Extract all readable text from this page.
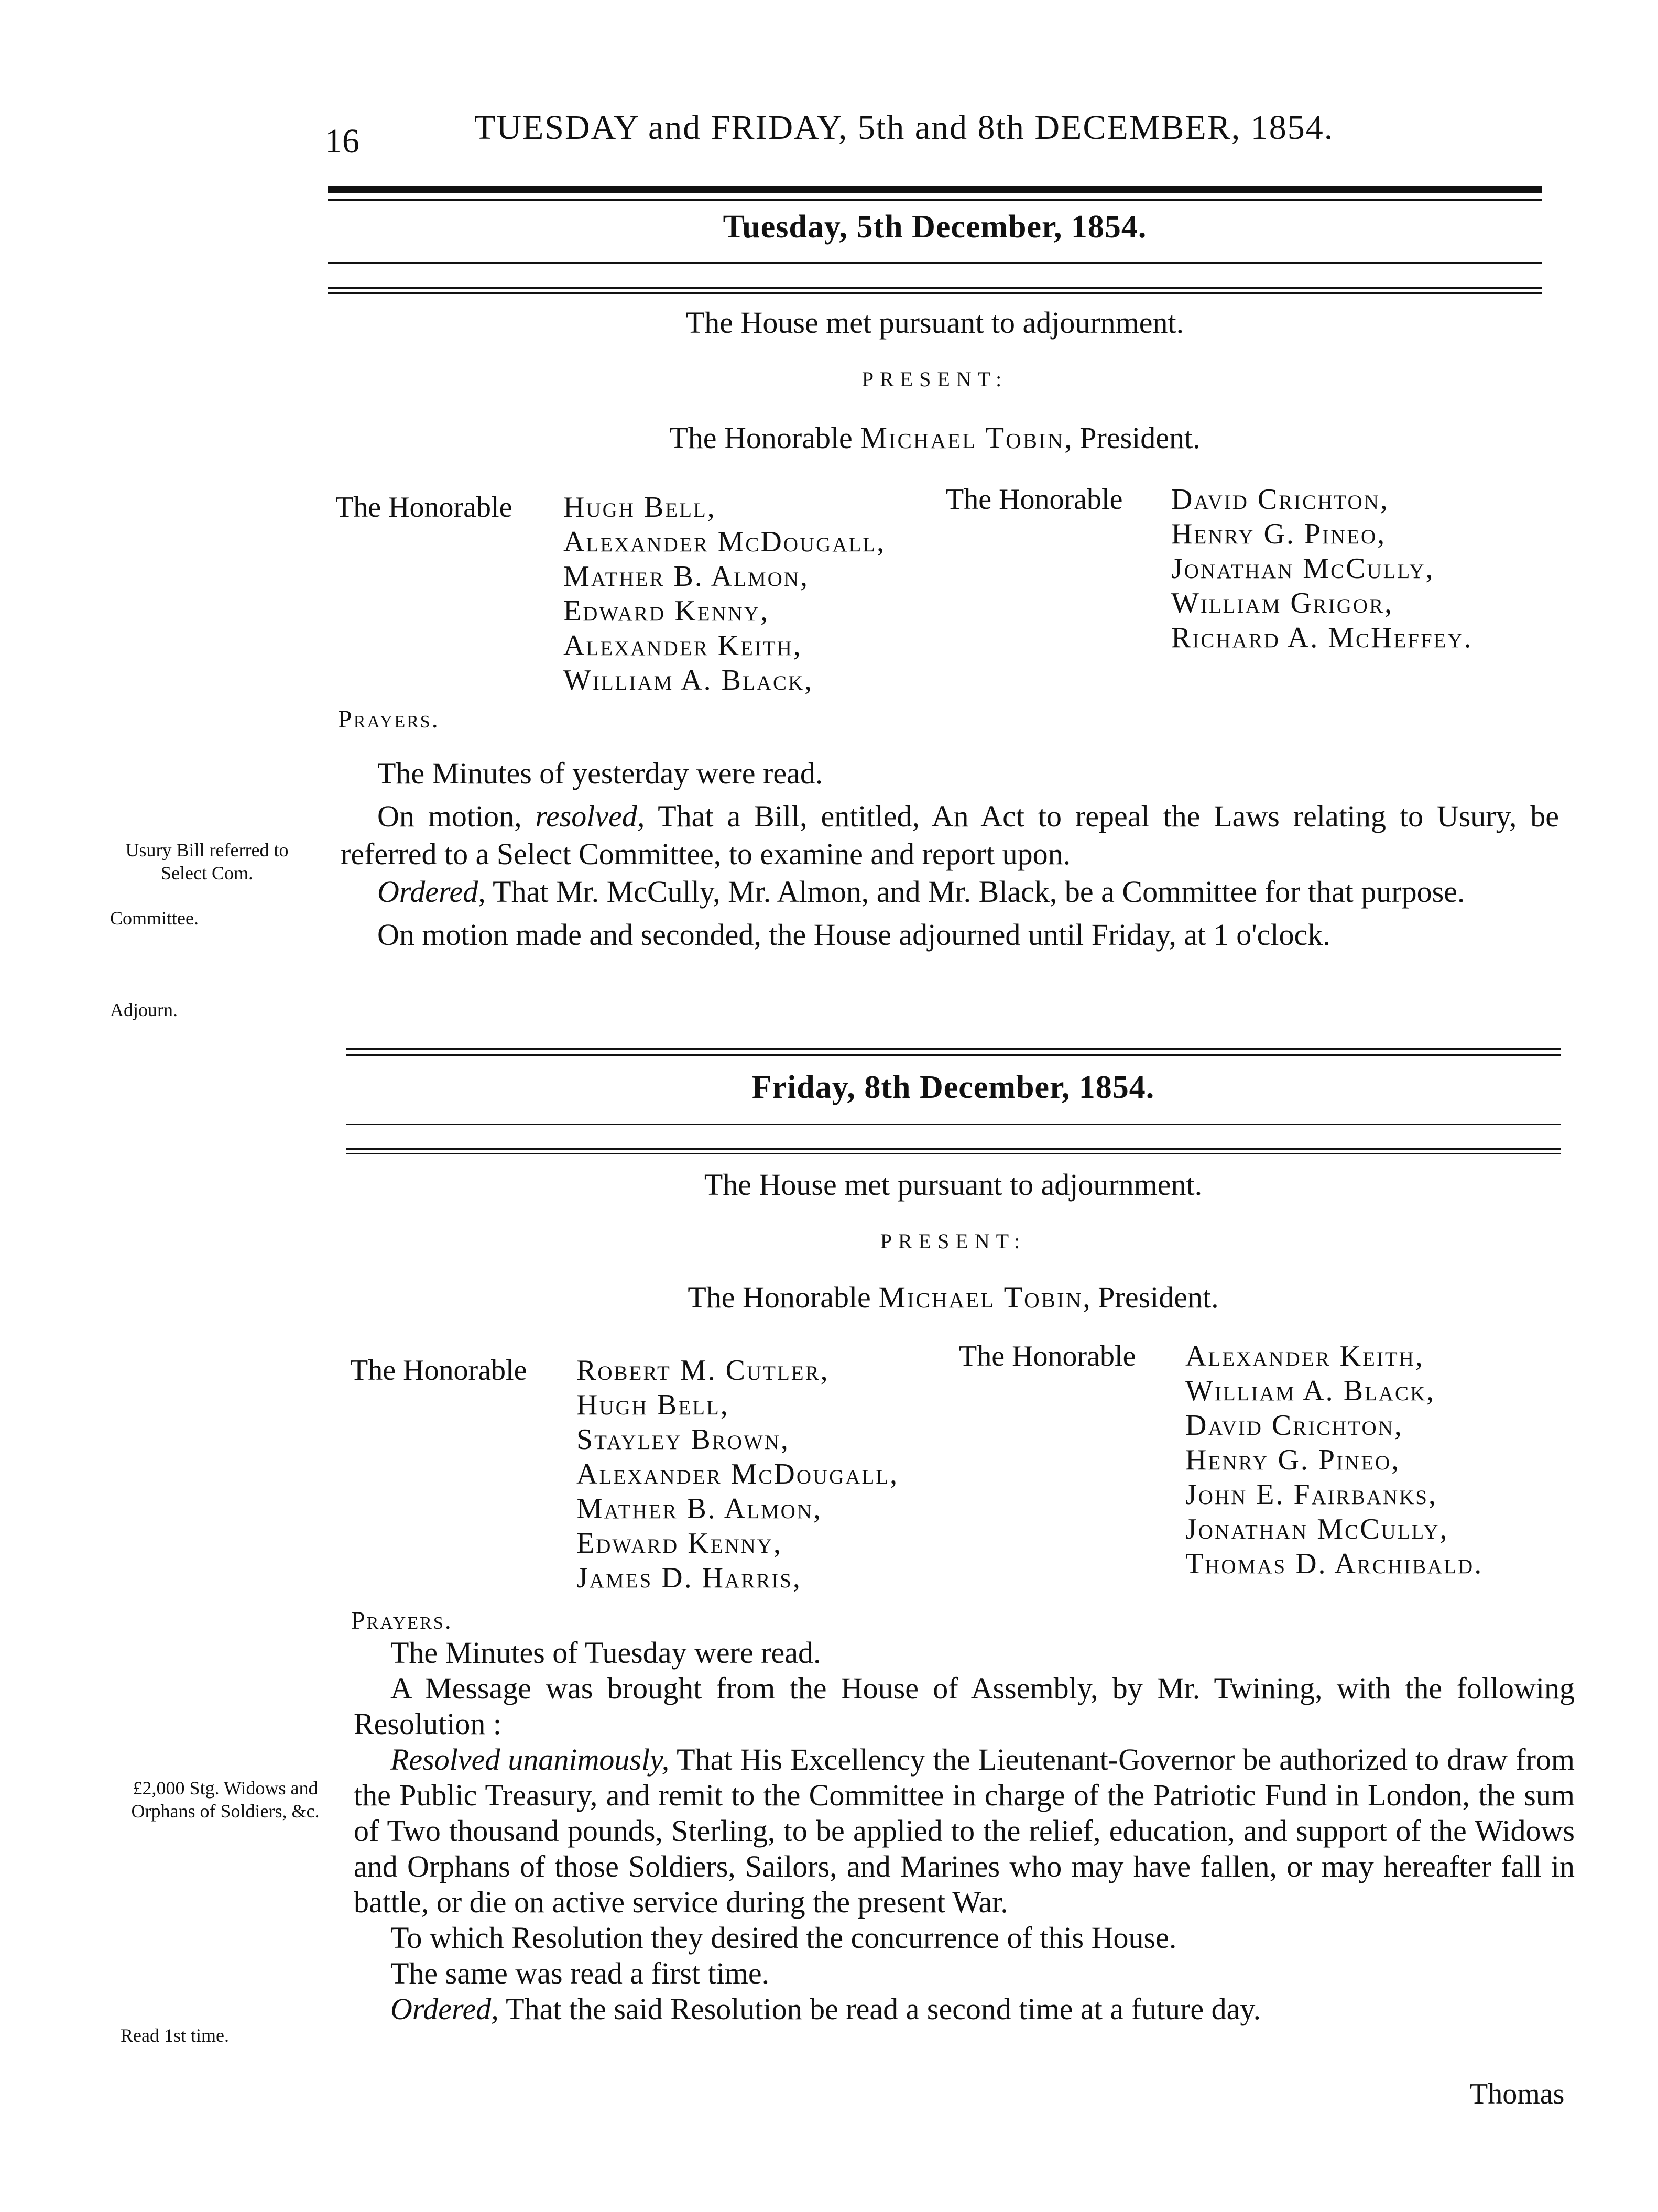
16	TUESDAY and FRIDAY, 5th and 8th DECEMBER, 1854.
Tuesday, 5th December, 1854.
The House met pursuant to adjournment.
PRESENT:
The Honorable Michael Tobin, President.
The Honorable Hugh Bell,
Alexander McDougall,
Mather B. Almon,
Edward Kenny,
Alexander Keith,
William A. Black,
The Honorable David Crichton,
Henry G. Pineo,
Jonathan McCully,
William Grigor,
Richard A. McHeffey.
Prayers.

The Minutes of yesterday were read.

On motion, resolved, That a Bill, entitled, An Act to repeal the Laws relating to Usury, be referred to a Select Committee, to examine and report upon.

Ordered, That Mr. McCully, Mr. Almon, and Mr. Black, be a Committee for that purpose.

On motion made and seconded, the House adjourned until Friday, at 1 o'clock.

Usury Bill referred to Select Com.
Committee.
Adjourn.
Friday, 8th December, 1854.
The House met pursuant to adjournment.
PRESENT:
The Honorable Michael Tobin, President.
The Honorable Robert M. Cutler,
Hugh Bell,
Stayley Brown,
Alexander McDougall,
Mather B. Almon,
Edward Kenny,
James D. Harris,
The Honorable Alexander Keith,
William A. Black,
David Crichton,
Henry G. Pineo,
John E. Fairbanks,
Jonathan McCully,
Thomas D. Archibald.
Prayers.

The Minutes of Tuesday were read.

A Message was brought from the House of Assembly, by Mr. Twining, with the following Resolution :

Resolved unanimously, That His Excellency the Lieutenant-Governor be authorized to draw from the Public Treasury, and remit to the Committee in charge of the Patriotic Fund in London, the sum of Two thousand pounds, Sterling, to be applied to the relief, education, and support of the Widows and Orphans of those Soldiers, Sailors, and Marines who may have fallen, or may hereafter fall in battle, or die on active service during the present War.

To which Resolution they desired the concurrence of this House.

The same was read a first time.

Ordered, That the said Resolution be read a second time at a future day.

Thomas
£2,000 Stg. Widows and Orphans of Soldiers, &c.
Read 1st time.
